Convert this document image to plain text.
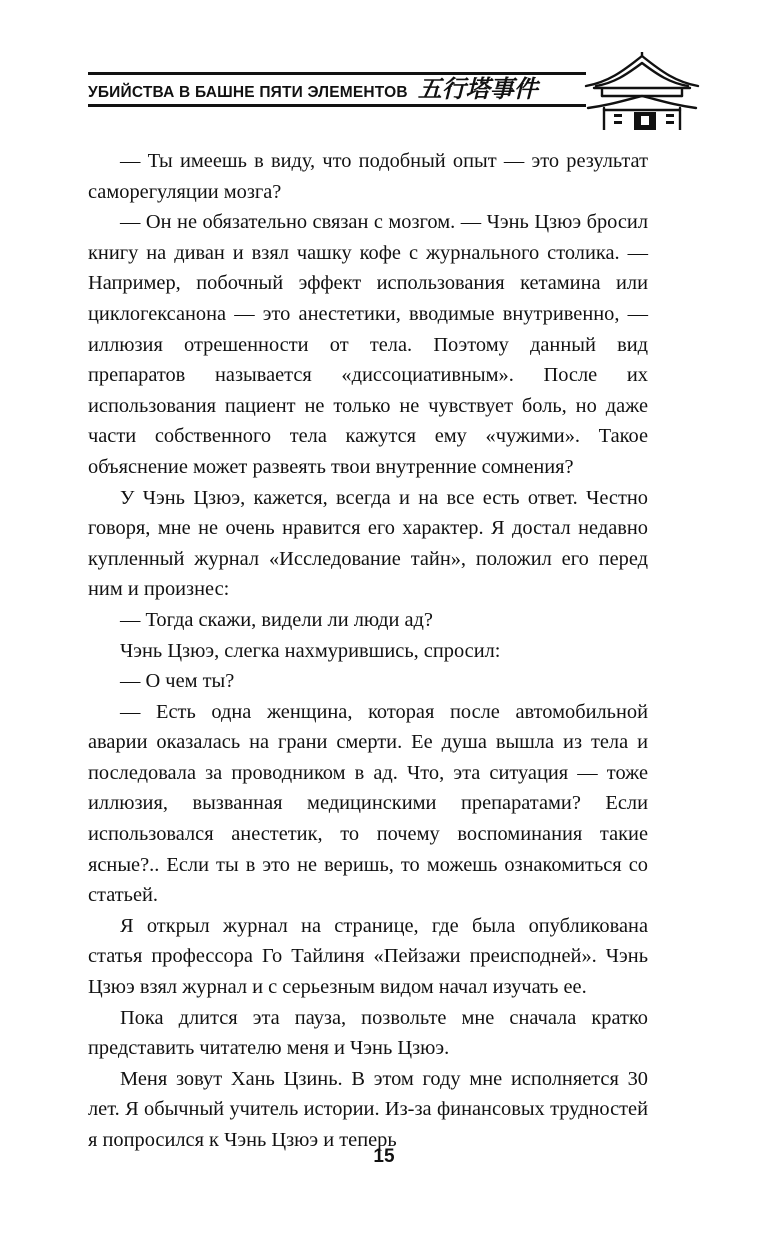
УБИЙСТВА В БАШНЕ ПЯТИ ЭЛЕМЕНТОВ 五行塔事件

— Ты имеешь в виду, что подобный опыт — это результат саморегуляции мозга?

— Он не обязательно связан с мозгом. — Чэнь Цзюэ бросил книгу на диван и взял чашку кофе с журнального столика. — Например, побочный эффект использования кетамина или циклогексанона — это анестетики, вводимые внутривенно, — иллюзия отрешенности от тела. Поэтому данный вид препаратов называется «диссоциативным». После их использования пациент не только не чувствует боль, но даже части собственного тела кажутся ему «чужими». Такое объяснение может развеять твои внутренние сомнения?

У Чэнь Цзюэ, кажется, всегда и на все есть ответ. Честно говоря, мне не очень нравится его характер. Я достал недавно купленный журнал «Исследование тайн», положил его перед ним и произнес:

— Тогда скажи, видели ли люди ад?

Чэнь Цзюэ, слегка нахмурившись, спросил:

— О чем ты?

— Есть одна женщина, которая после автомобильной аварии оказалась на грани смерти. Ее душа вышла из тела и последовала за проводником в ад. Что, эта ситуация — тоже иллюзия, вызванная медицинскими препаратами? Если использовался анестетик, то почему воспоминания такие ясные?.. Если ты в это не веришь, то можешь ознакомиться со статьей.

Я открыл журнал на странице, где была опубликована статья профессора Го Тайлиня «Пейзажи преисподней». Чэнь Цзюэ взял журнал и с серьезным видом начал изучать ее.

Пока длится эта пауза, позвольте мне сначала кратко представить читателю меня и Чэнь Цзюэ.

Меня зовут Хань Цзинь. В этом году мне исполняется 30 лет. Я обычный учитель истории. Из-за финансовых трудностей я попросился к Чэнь Цзюэ и теперь

15
